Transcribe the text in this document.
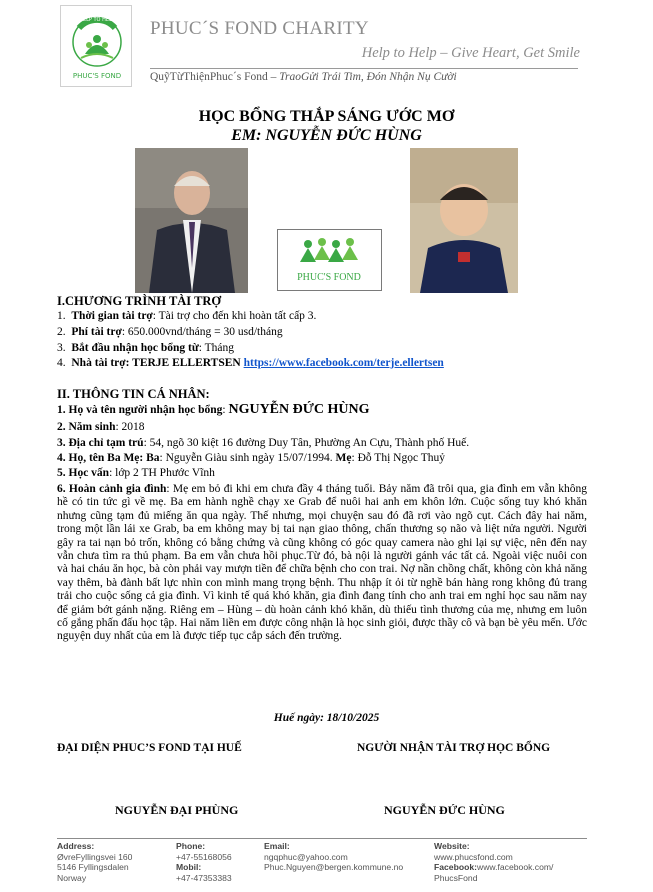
HELP TO HELP
PHUC'S FOND
PHUC´S FOND CHARITY
Help to Help – Give Heart, Get Smile
QuỹTừThiệnPhuc´s Fond – TraoGửi Trái Tim, Đón Nhận Nụ Cười
HỌC BỔNG THẮP SÁNG ƯỚC MƠ
EM: NGUYỄN ĐỨC HÙNG
PHUC'S FOND
I.CHƯƠNG TRÌNH TÀI TRỢ
1. Thời gian tài trợ: Tài trợ cho đến khi hoàn tất cấp 3.
2. Phí tài trợ: 650.000vnd/tháng = 30 usd/tháng
3. Bắt đầu nhận học bổng từ: Tháng
4. Nhà tài trợ: TERJE ELLERTSEN https://www.facebook.com/terje.ellertsen
II. THÔNG TIN CÁ NHÂN:
1. Họ và tên người nhận học bổng: NGUYỄN ĐỨC HÙNG
2. Năm sinh: 2018
3. Địa chỉ tạm trú: 54, ngõ 30 kiệt 16 đường Duy Tân, Phường An Cựu, Thành phố Huế.
4. Họ, tên Ba Mẹ: Ba: Nguyễn Giàu sinh ngày 15/07/1994. Mẹ: Đỗ Thị Ngọc Thuỷ
5. Học vấn: lớp 2 TH Phước Vĩnh
6. Hoàn cảnh gia đình: Mẹ em bỏ đi khi em chưa đầy 4 tháng tuổi. Bảy năm đã trôi qua, gia đình em vẫn không hề có tin tức gì về mẹ. Ba em hành nghề chạy xe Grab để nuôi hai anh em khôn lớn. Cuộc sống tuy khó khăn nhưng cũng tạm đủ miếng ăn qua ngày. Thế nhưng, mọi chuyện sau đó đã rơi vào ngõ cụt. Cách đây hai năm, trong một lần lái xe Grab, ba em không may bị tai nạn giao thông, chấn thương sọ não và liệt nửa người. Người gây ra tai nạn bỏ trốn, không có bằng chứng và cũng không có góc quay camera nào ghi lại sự việc, nên đến nay vẫn chưa tìm ra thủ phạm. Ba em vẫn chưa hồi phục.Từ đó, bà nội là người gánh vác tất cả. Ngoài việc nuôi con và hai cháu ăn học, bà còn phải vay mượn tiền để chữa bệnh cho con trai. Nợ nần chồng chất, không còn khả năng vay thêm, bà đành bất lực nhìn con mình mang trọng bệnh. Thu nhập ít ỏi từ nghề bán hàng rong không đủ trang trải cho cuộc sống cả gia đình. Vì kinh tế quá khó khăn, gia đình đang tính cho anh trai em nghỉ học sau năm nay để giảm bớt gánh nặng. Riêng em – Hùng – dù hoàn cảnh khó khăn, dù thiếu tình thương của mẹ, nhưng em luôn cố gắng phấn đấu học tập. Hai năm liền em được công nhận là học sinh giỏi, được thầy cô và bạn bè yêu mến. Ước nguyện duy nhất của em là được tiếp tục cắp sách đến trường.
Huế ngày: 18/10/2025
ĐẠI DIỆN PHUC’S FOND TẠI HUẾ	NGƯỜI NHẬN TÀI TRỢ HỌC BỔNG
NGUYỄN ĐẠI PHÙNG	NGUYỄN ĐỨC HÙNG
Address:
ØvreFyllingsvei 160
5146 Fyllingsdalen
Norway
Phone:
+47-55168056
Mobil:
+47-47353383
Email:
ngqphuc@yahoo.com
Phuc.Nguyen@bergen.kommune.no
Website:
www.phucsfond.com
Facebook:www.facebook.com/
PhucsFond
